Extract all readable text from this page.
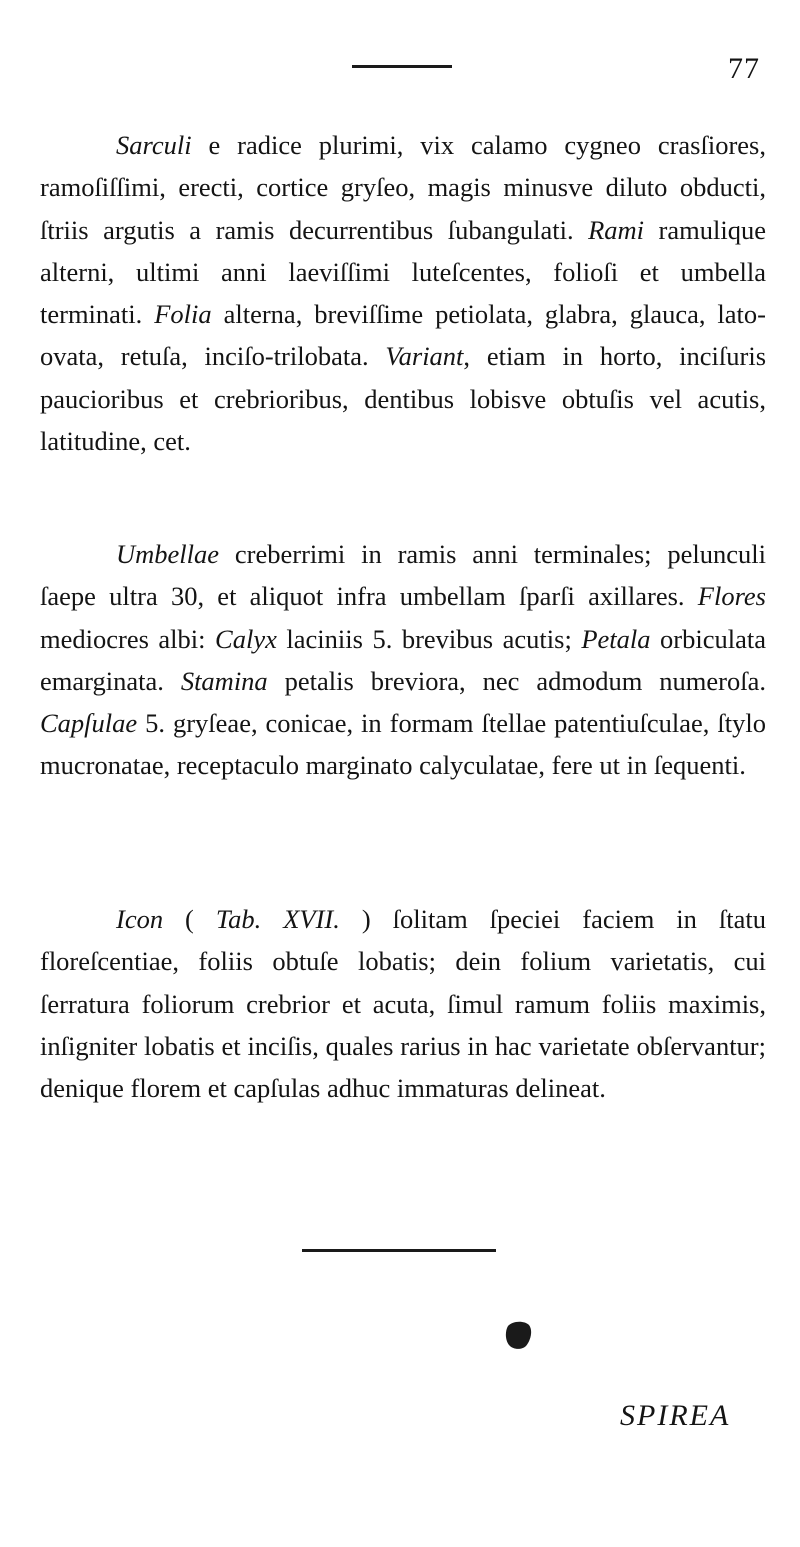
77

Sarculi e radice plurimi, vix calamo cygneo crasſiores, ramoſiſſimi, erecti, cortice gryſeo, magis minusve diluto obducti, ſtriis argutis a ramis decurrentibus ſubangulati. Rami ramulique alterni, ultimi anni laeviſſimi luteſcentes, folioſi et umbella terminati. Folia alterna, breviſſime petiolata, glabra, glauca, lato-ovata, retuſa, inciſo-trilobata. Variant, etiam in horto, inciſuris paucioribus et crebrioribus, dentibus lobisve obtuſis vel acutis, latitudine, cet.

Umbellae creberrimi in ramis anni terminales; pelunculi ſaepe ultra 30, et aliquot infra umbellam ſparſi axillares. Flores mediocres albi: Calyx laciniis 5. brevibus acutis; Petala orbiculata emarginata. Stamina petalis breviora, nec admodum numeroſa. Capſulae 5. gryſeae, conicae, in formam ſtellae patentiuſculae, ſtylo mucronatae, receptaculo marginato calyculatae, fere ut in ſequenti.

Icon ( Tab. XVII. ) ſolitam ſpeciei faciem in ſtatu floreſcentiae, foliis obtuſe lobatis; dein folium varietatis, cui ſerratura foliorum crebrior et acuta, ſimul ramum foliis maximis, inſigniter lobatis et inciſis, quales rarius in hac varietate obſervantur; denique florem et capſulas adhuc immaturas delineat.

SPIREA
